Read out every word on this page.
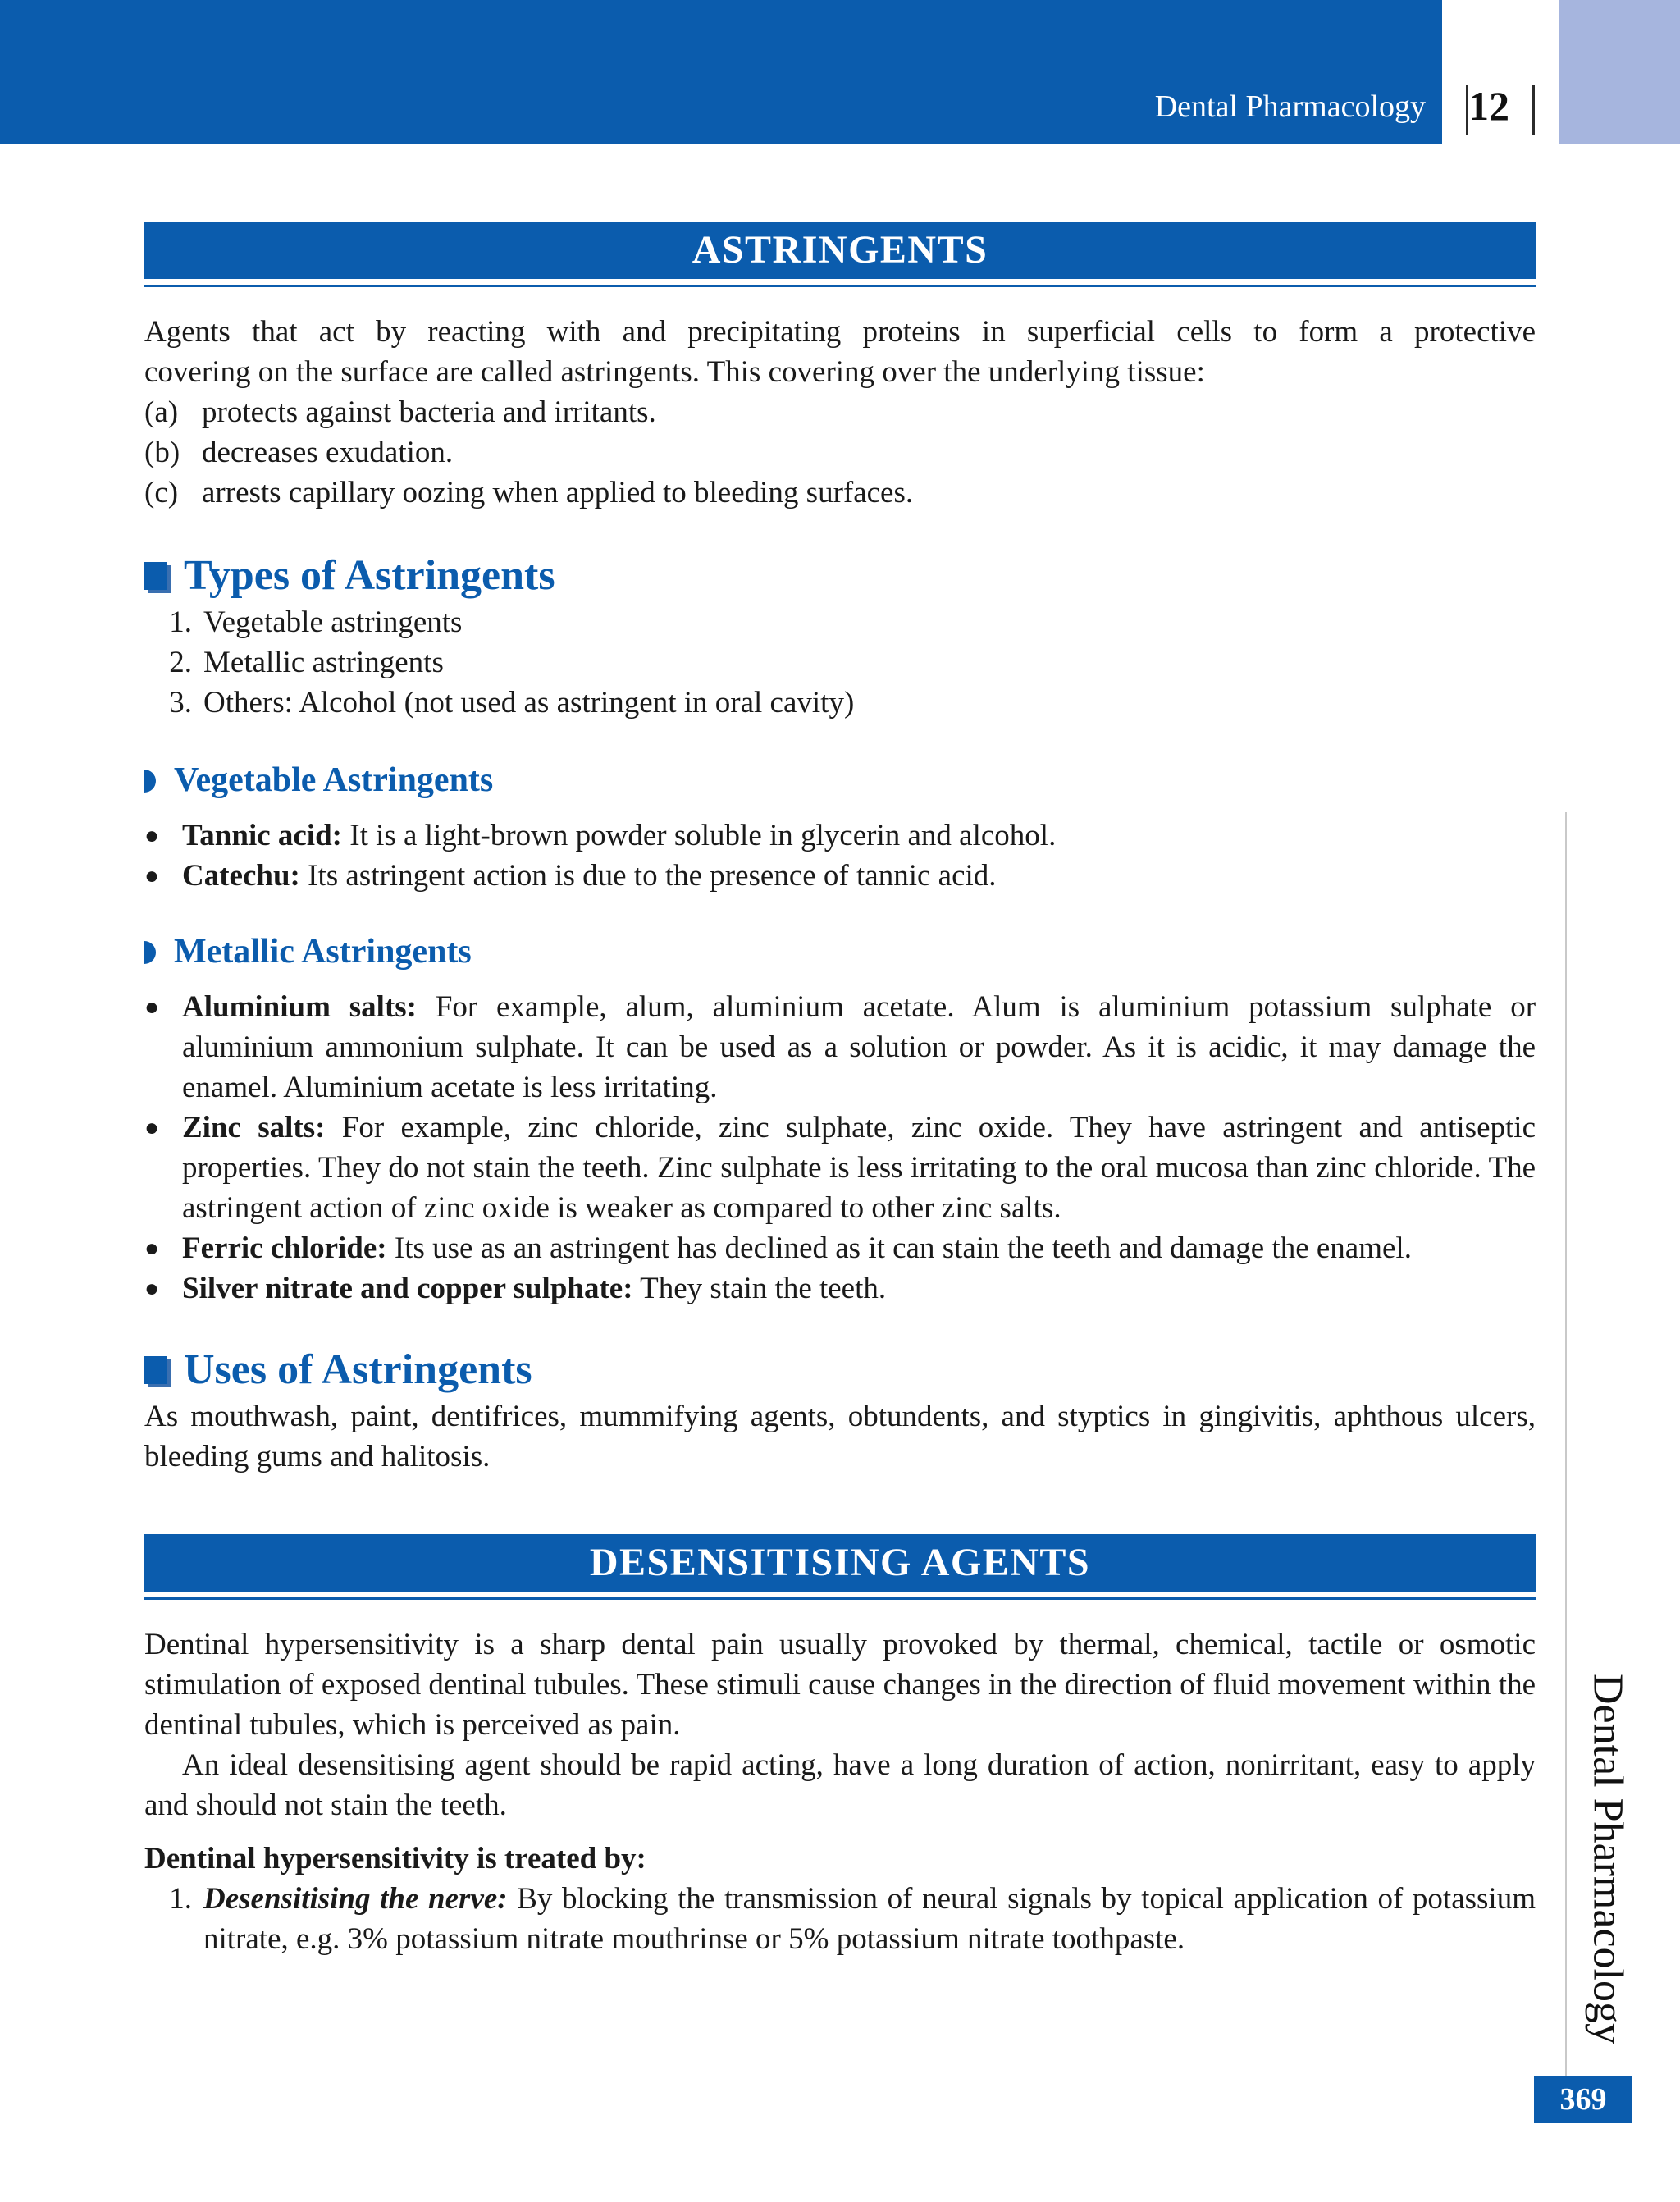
Dental Pharmacology 12
ASTRINGENTS

Agents that act by reacting with and precipitating proteins in superficial cells to form a protective

covering on the surface are called astringents. This covering over the underlying tissue:

(a) protects against bacteria and irritants.
(b) decreases exudation.
(c) arrests capillary oozing when applied to bleeding surfaces.
Types of Astringents
1. Vegetable astringents
2. Metallic astringents
3. Others: Alcohol (not used as astringent in oral cavity)
Vegetable Astringents
● Tannic acid: It is a light-brown powder soluble in glycerin and alcohol.
● Catechu: Its astringent action is due to the presence of tannic acid.
Metallic Astringents
● Aluminium salts: For example, alum, aluminium acetate. Alum is aluminium potassium sulphate or aluminium ammonium sulphate. It can be used as a solution or powder. As it is acidic, it may damage the enamel. Aluminium acetate is less irritating.
● Zinc salts: For example, zinc chloride, zinc sulphate, zinc oxide. They have astringent and antiseptic properties. They do not stain the teeth. Zinc sulphate is less irritating to the oral mucosa than zinc chloride. The astringent action of zinc oxide is weaker as compared to other zinc salts.
● Ferric chloride: Its use as an astringent has declined as it can stain the teeth and damage the enamel.
● Silver nitrate and copper sulphate: They stain the teeth.
Uses of Astringents

As mouthwash, paint, dentifrices, mummifying agents, obtundents, and styptics in gingivitis, aphthous ulcers, bleeding gums and halitosis.

DESENSITISING AGENTS

Dentinal hypersensitivity is a sharp dental pain usually provoked by thermal, chemical, tactile or osmotic stimulation of exposed dentinal tubules. These stimuli cause changes in the direction of fluid movement within the dentinal tubules, which is perceived as pain.

An ideal desensitising agent should be rapid acting, have a long duration of action, nonirritant, easy to apply and should not stain the teeth.

Dentinal hypersensitivity is treated by:

1. Desensitising the nerve: By blocking the transmission of neural signals by topical application of potassium nitrate, e.g. 3% potassium nitrate mouthrinse or 5% potassium nitrate toothpaste.	Dental Pharmacology
369
